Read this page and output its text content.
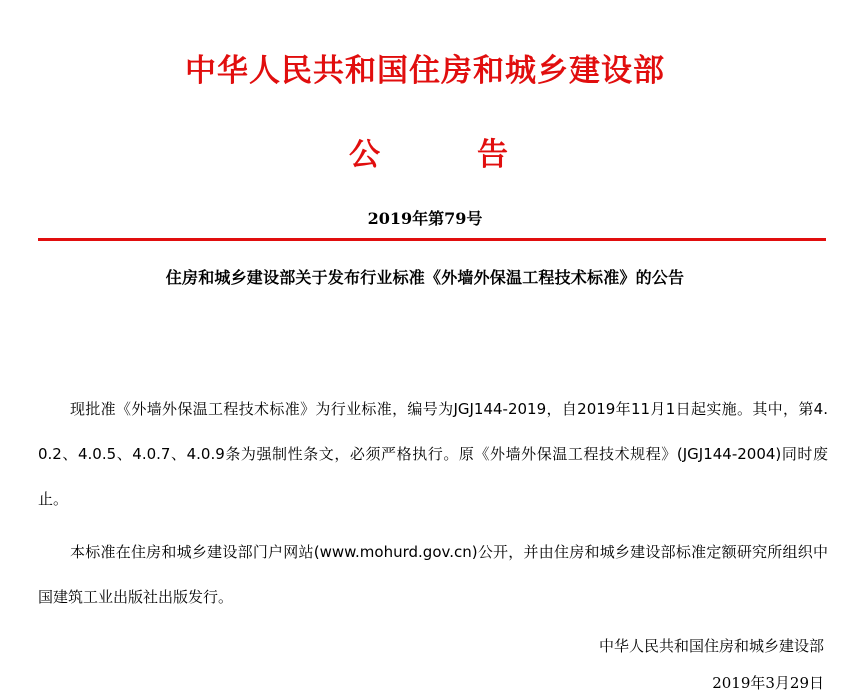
中华人民共和国住房和城乡建设部
公	告
2019年第79号
住房和城乡建设部关于发布行业标准《外墙外保温工程技术标准》的公告

现批准《外墙外保温工程技术标准》为行业标准，编号为JGJ144-2019，自2019年11月1日起实施。其中，第4.0.2、4.0.5、4.0.7、4.0.9条为强制性条文，必须严格执行。原《外墙外保温工程技术规程》(JGJ144-2004)同时废止。

本标准在住房和城乡建设部门户网站(www.mohurd.gov.cn)公开，并由住房和城乡建设部标准定额研究所组织中国建筑工业出版社出版发行。

中华人民共和国住房和城乡建设部
2019年3月29日
